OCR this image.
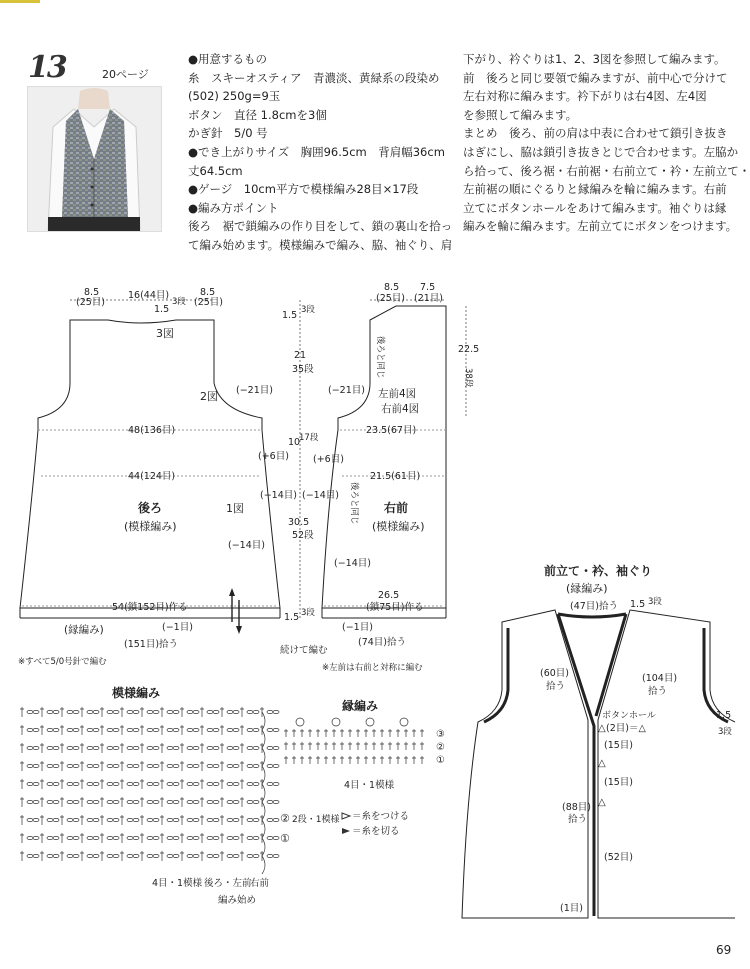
13	20ページ
●用意するもの
糸　スキーオスティア　青濃淡、黄緑系の段染め
(502) 250g=9玉
ボタン　直径 1.8cmを3個
かぎ針　5/0 号
●でき上がりサイズ　胸囲96.5cm　背肩幅36cm
丈64.5cm
●ゲージ　10cm平方で模様編み28目×17段
●編み方ポイント
後ろ　裾で鎖編みの作り目をして、鎖の裏山を拾っ
て編み始めます。模様編みで編み、脇、袖ぐり、肩
下がり、衿ぐりは1、2、3図を参照して編みます。
前　後ろと同じ要領で編みますが、前中心で分けて
左右対称に編みます。衿下がりは右4図、左4図
を参照して編みます。
まとめ　後ろ、前の肩は中表に合わせて鎖引き抜き
はぎにし、脇は鎖引き抜きとじで合わせます。左脇か
ら拾って、後ろ裾・右前裾・右前立て・衿・左前立て・
左前裾の順にぐるりと縁編みを輪に編みます。右前
立てにボタンホールをあけて編みます。袖ぐりは縁
編みを輪に編みます。左前立てにボタンをつけます。
8.5
(25目)
16(44目)	8.5
(25目)
1.5
3段
3図
2図 (−21目)
48(136目)
44(124目)
(+6目)
(−14目)
(−14目)
後ろ
(模様編み)
1図
54(鎖152目)作る
(縁編み)	(−1目)
(151目)拾う
※すべて5/0号針で編む
1.5 3段
21
35段
10
17段
(−14目)
30.5
52段
1.5 3段
続けて編む
8.5
(25目)
7.5
(21目)
22.5
38段
後ろと同じ
(−21目) 左前4図
右前4図
23.5(67目)
(+6目)
21.5(61目)
後ろと同じ
(−14目)
右前
(模様編み)
26.5
(鎖75目)作る
(−1目)
(74目)拾う
※左前は右前と対称に編む
模様編み
②
①
2段・1模様
4目・1模様 後ろ・左前
右前
編み始め
縁編み
③
②
①
4目・1模様
＝糸をつける
＝糸を切る
前立て・衿、袖ぐり
(縁編み)
(47目)拾う 1.5 3段
(60目)
拾う
(104目)
拾う
1.5
3段
ボタンホール
(2目)＝△
(15目)
(15目)
(88目)
拾う
(52目)
(1目)
△
△
△
69
